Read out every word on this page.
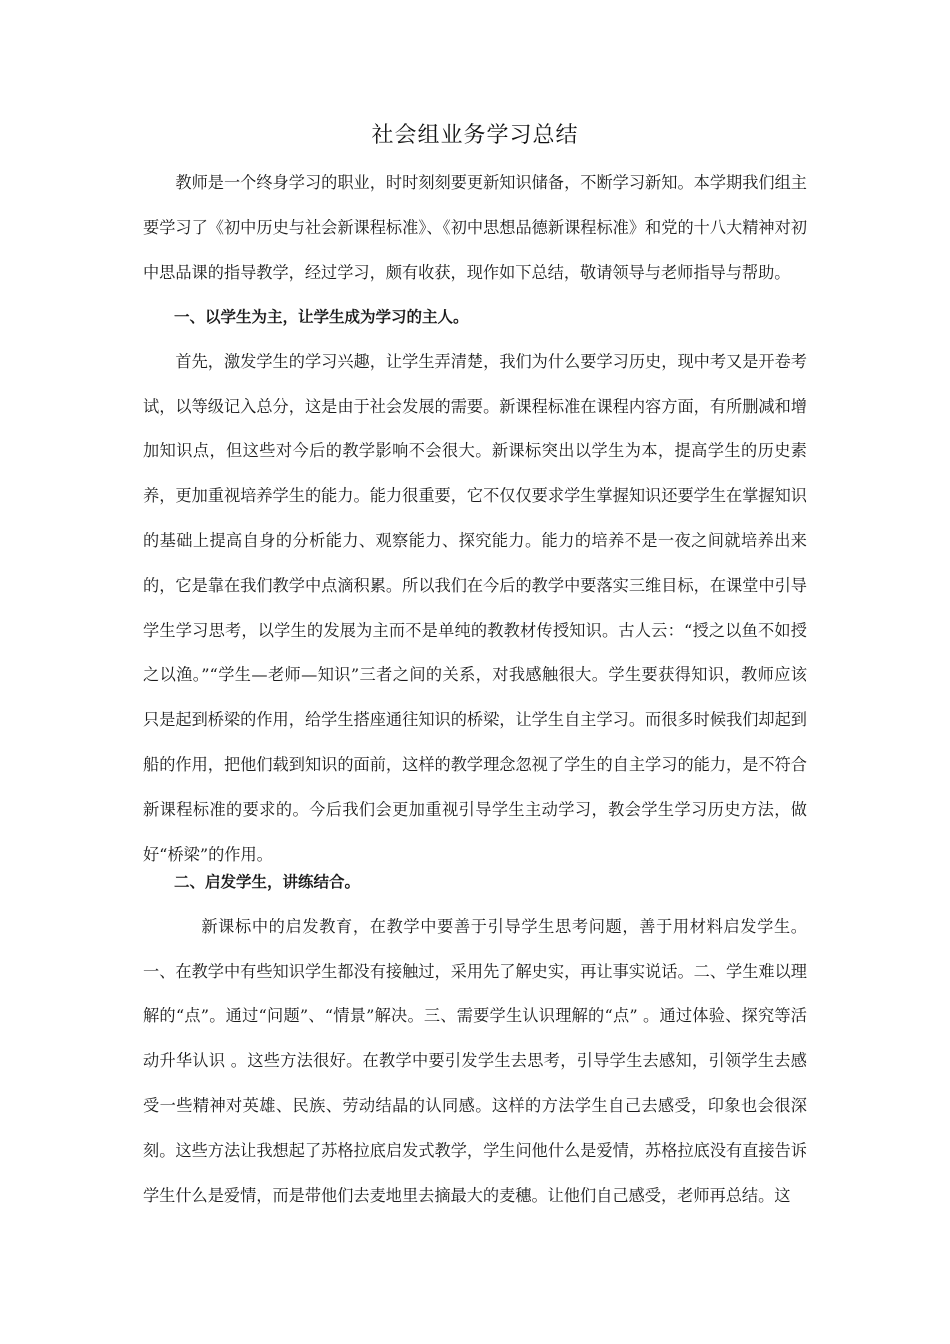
社会组业务学习总结

教师是一个终身学习的职业，时时刻刻要更新知识储备，不断学习新知。本学期我们组主要学习了《初中历史与社会新课程标准》、《初中思想品德新课程标准》和党的十八大精神对初中思品课的指导教学，经过学习，颇有收获，现作如下总结，敬请领导与老师指导与帮助。

一、以学生为主，让学生成为学习的主人。

首先，激发学生的学习兴趣，让学生弄清楚，我们为什么要学习历史，现中考又是开卷考试，以等级记入总分，这是由于社会发展的需要。新课程标准在课程内容方面，有所删减和增加知识点，但这些对今后的教学影响不会很大。新课标突出以学生为本，提高学生的历史素养，更加重视培养学生的能力。能力很重要，它不仅仅要求学生掌握知识还要学生在掌握知识的基础上提高自身的分析能力、观察能力、探究能力。能力的培养不是一夜之间就培养出来的，它是靠在我们教学中点滴积累。所以我们在今后的教学中要落实三维目标，在课堂中引导学生学习思考，以学生的发展为主而不是单纯的教教材传授知识。古人云：“授之以鱼不如授之以渔。”“学生—老师—知识”三者之间的关系，对我感触很大。学生要获得知识，教师应该只是起到桥梁的作用，给学生搭座通往知识的桥梁，让学生自主学习。而很多时候我们却起到船的作用，把他们载到知识的面前，这样的教学理念忽视了学生的自主学习的能力，是不符合新课程标准的要求的。今后我们会更加重视引导学生主动学习，教会学生学习历史方法，做好“桥梁”的作用。

二、启发学生，讲练结合。

新课标中的启发教育，在教学中要善于引导学生思考问题，善于用材料启发学生。一、在教学中有些知识学生都没有接触过，采用先了解史实，再让事实说话。二、学生难以理解的“点”。通过“问题”、“情景”解决。三、需要学生认识理解的“点” 。通过体验、探究等活动升华认识 。这些方法很好。在教学中要引发学生去思考，引导学生去感知，引领学生去感受一些精神对英雄、民族、劳动结晶的认同感。这样的方法学生自己去感受，印象也会很深刻。这些方法让我想起了苏格拉底启发式教学，学生问他什么是爱情，苏格拉底没有直接告诉学生什么是爱情，而是带他们去麦地里去摘最大的麦穗。让他们自己感受，老师再总结。这
